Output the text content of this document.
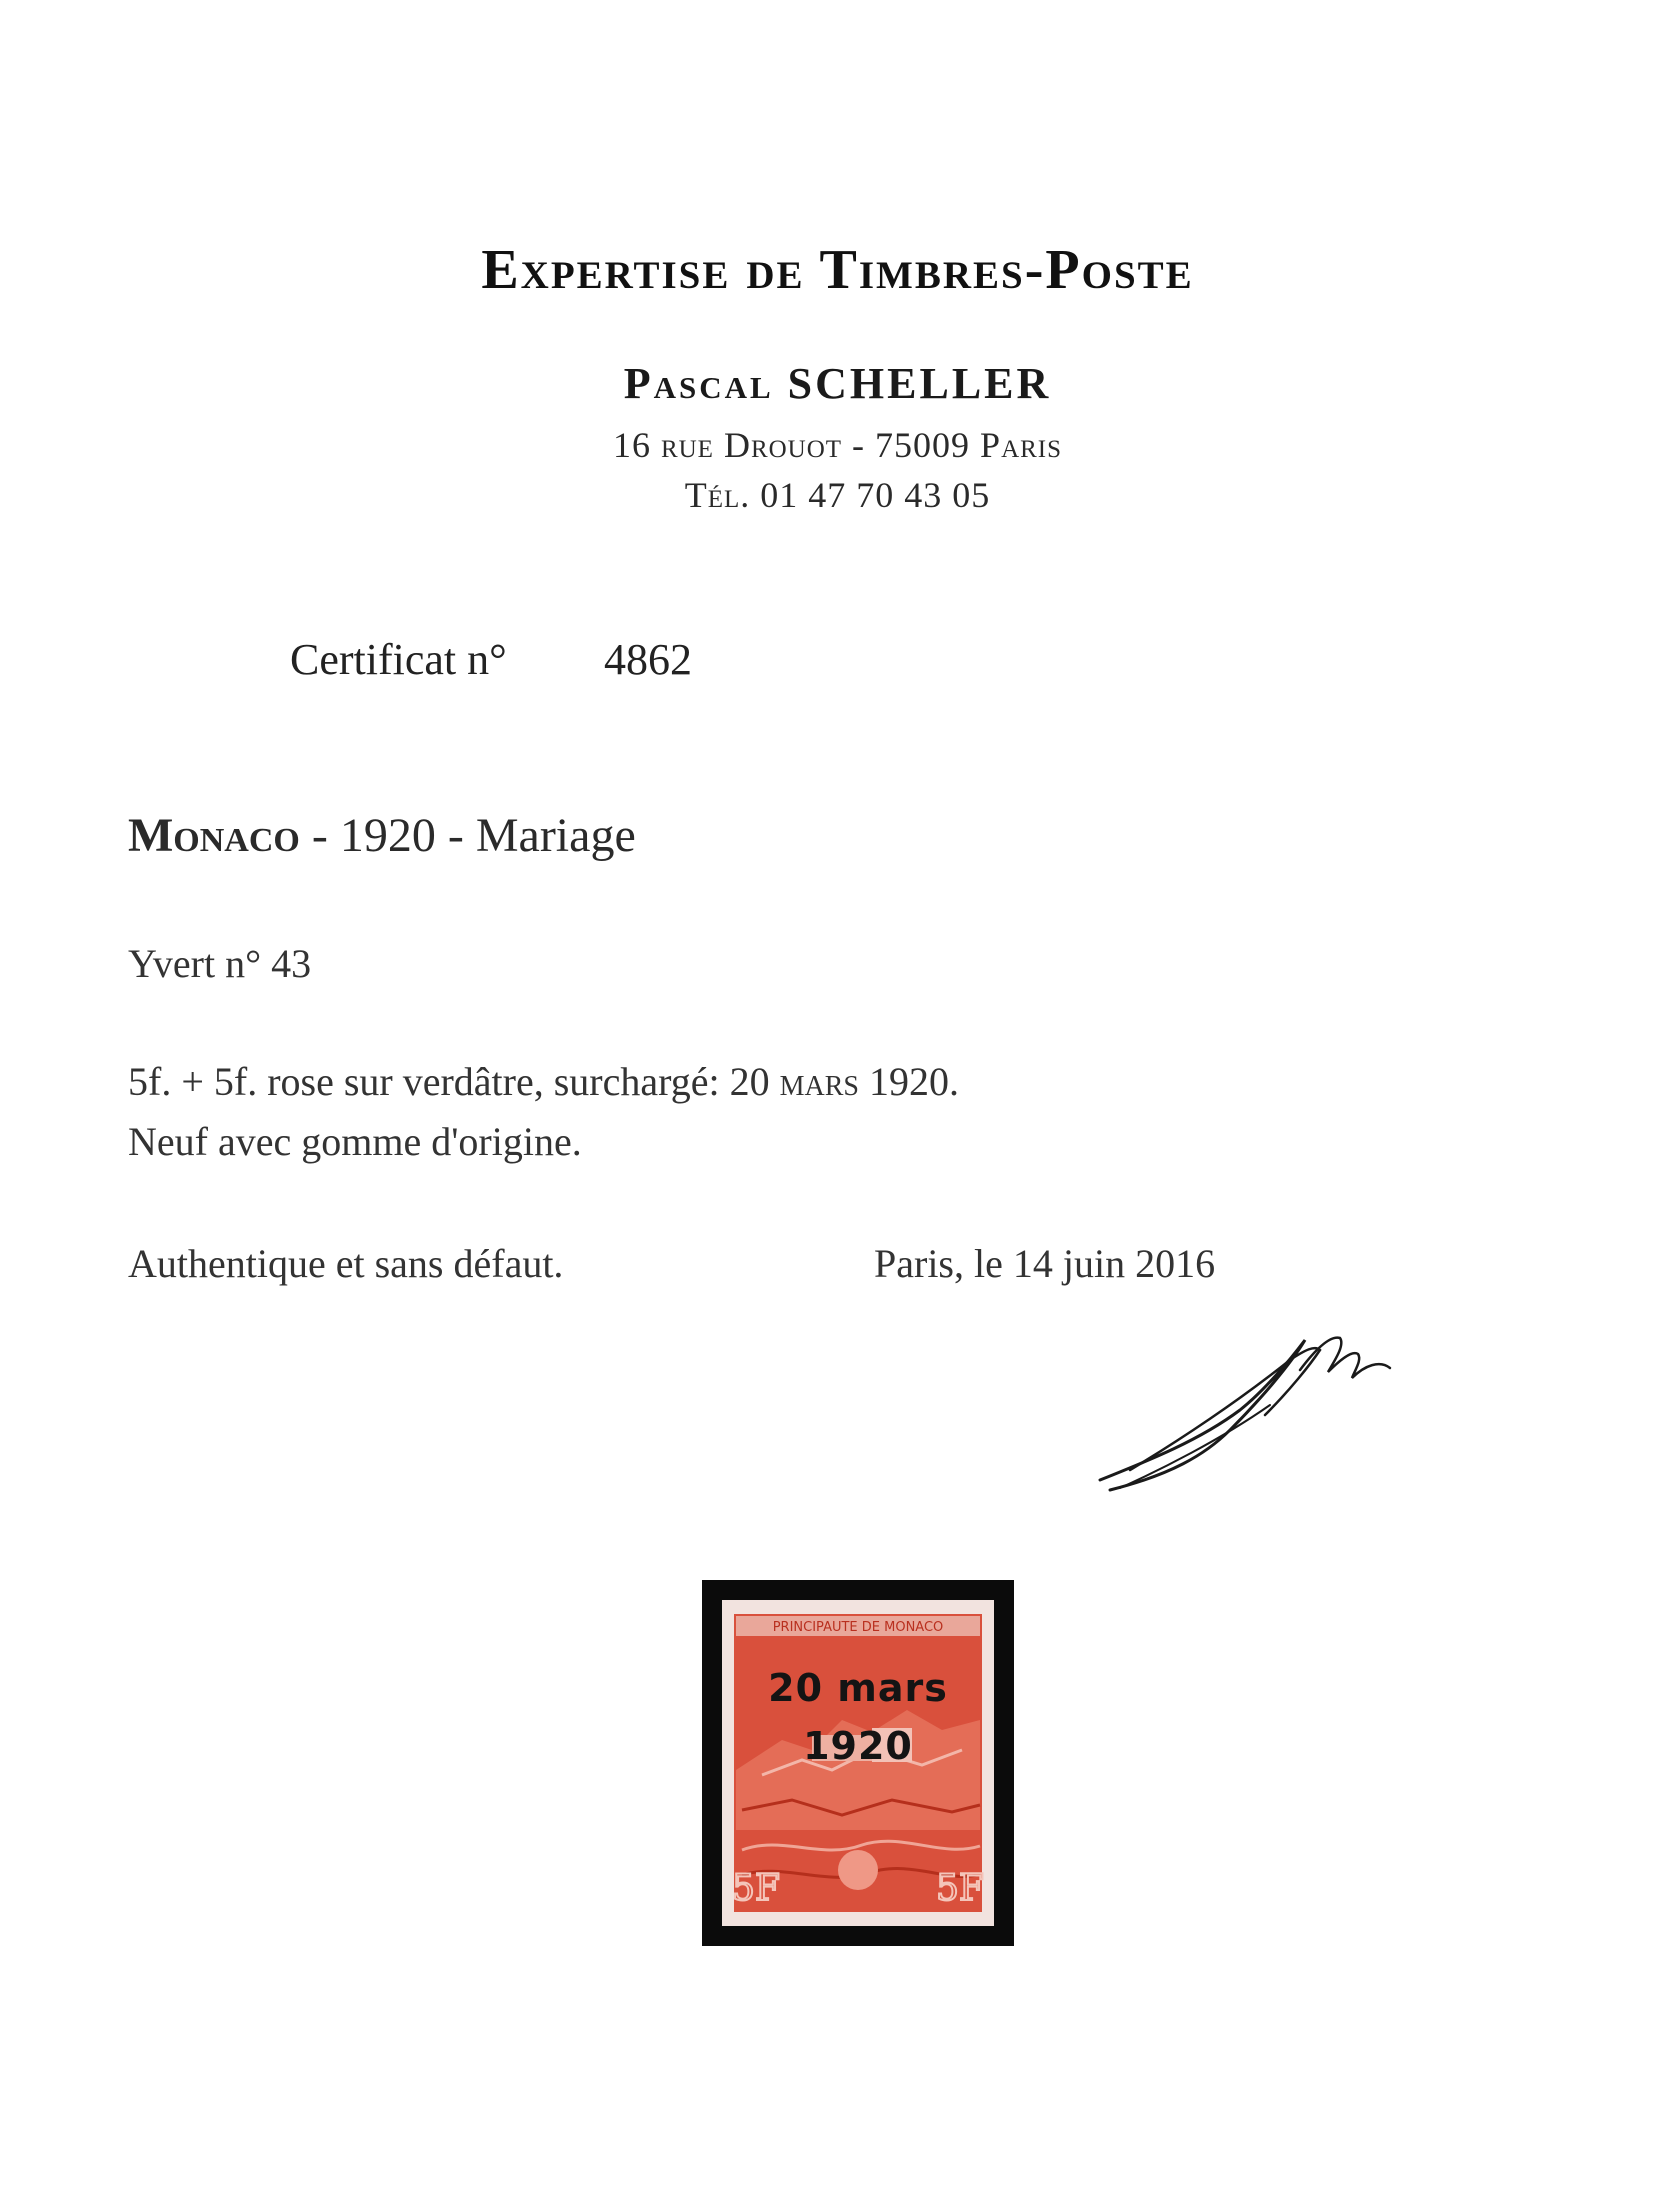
Expertise de Timbres-Poste
Pascal SCHELLER
16 rue Drouot - 75009 Paris
Tél. 01 47 70 43 05
Certificat n° 4862
Monaco - 1920 - Mariage
Yvert n° 43
5f. + 5f. rose sur verdâtre, surchargé: 20 mars 1920.
Neuf avec gomme d'origine.
Authentique et sans défaut.	Paris, le 14 juin 2016
PRINCIPAUTE DE MONACO
5F	5F
20 mars
1920
